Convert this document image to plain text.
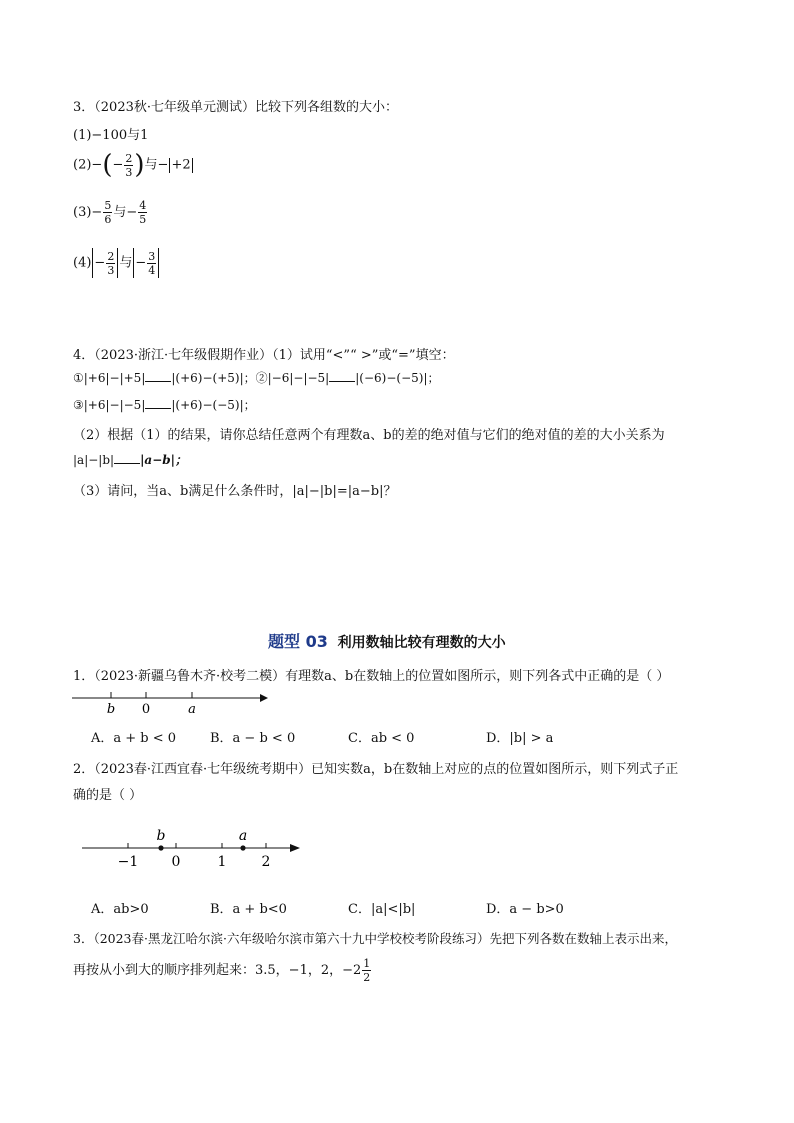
3．（2023秋·七年级单元测试）比较下列各组数的大小：
(1)−100与1
$(2)-(- \frac{2}{3}$ )与− +2
$(3)- \frac{5}{6}$ 与− $\frac{4}{5}$
$(4) - \frac{2}{3}$ 与 − $\frac{3}{4}$
4．（2023·浙江·七年级假期作业）（1）试用“<”“ >”或“=”填空：
①|+6|−|+5| |(+6)−(+5)|；②|−6|−|−5| |(−6)−(−5)|；
③|+6|−|−5| |(+6)−(−5)|；
（2）根据（1）的结果，请你总结任意两个有理数a、b的差的绝对值与它们的绝对值的差的大小关系为
|a|−|b| |a−b|；
（3）请问，当a、b满足什么条件时，|a|−|b|=|a−b|？
题型 03 利用数轴比较有理数的大小
1．（2023·新疆乌鲁木齐·校考二模）有理数a、b在数轴上的位置如图所示，则下列各式中正确的是（ ）
b 0	a
A．a + b < 0	B．a − b < 0	C．ab < 0	D．|b| > a
2．（2023春·江西宜春·七年级统考期中）已知实数a，b在数轴上对应的点的位置如图所示，则下列式子正
确的是（ ）
b	a
−1 0	1	2
A．ab>0	B．a + b<0	C．|a|<|b|	D．a − b>0
3．（2023春·黑龙江哈尔滨·六年级哈尔滨市第六十九中学校校考阶段练习）先把下列各数在数轴上表示出来，
再按从小到大的顺序排列起来：3.5，−1，2，$-2 \frac{1}{2}$
